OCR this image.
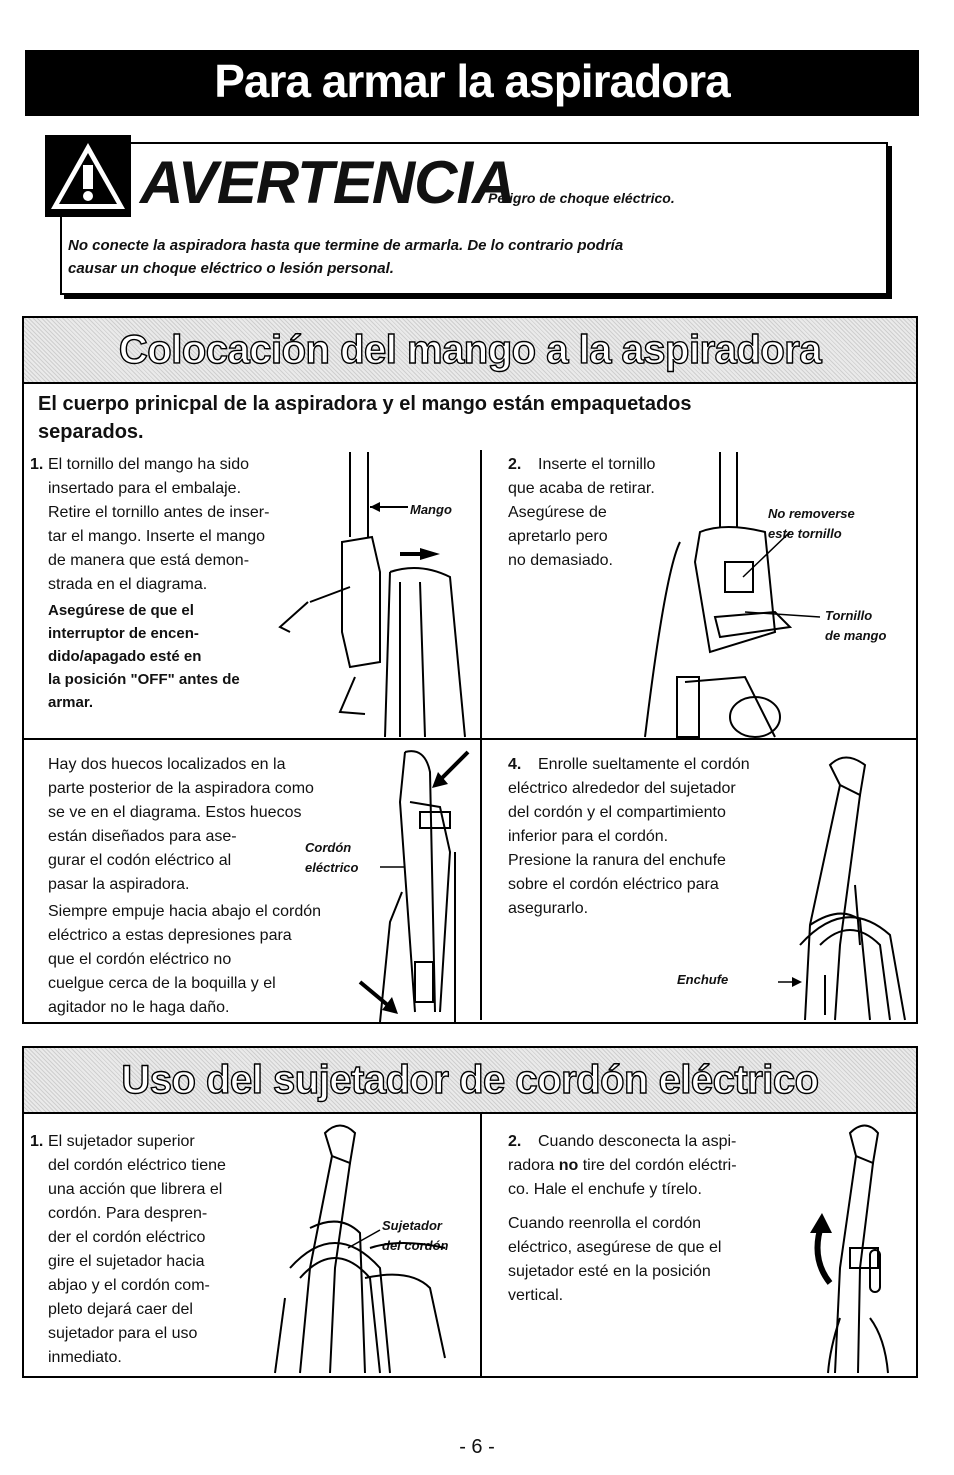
Para armar la aspiradora
AVERTENCIA
Peligro de choque eléctrico.
No conecte la aspiradora hasta que termine de armarla. De lo contrario podría
causar un choque eléctrico o lesión personal.
Colocación del mango a la aspiradora
El cuerpo prinicpal de la aspiradora y el mango están empaquetados
separados.
1. El tornillo del mango ha sido
insertado para el embalaje.
Retire el tornillo antes de inser-
tar el mango. Inserte el mango
de manera que está demon-
strada en el diagrama.
Asegúrese de que el
interruptor de encen-
dido/apagado esté en
la posición "OFF" antes de
armar.
Mango
2.	Inserte el tornillo
que acaba de retirar.
Asegúrese de
apretarlo pero
no demasiado.
No removerse
este tornillo
Tornillo
de mango
Hay dos huecos localizados en la
parte posterior de la aspiradora como
se ve en el diagrama. Estos huecos
están diseñados para ase-
gurar el codón eléctrico al
pasar la aspiradora.
Siempre empuje hacia abajo el cordón
eléctrico a estas depresiones para
que el cordón eléctrico no
cuelgue cerca de la boquilla y el
agitador no le haga daño.
Cordón
eléctrico
4.	Enrolle sueltamente el cordón
eléctrico alrededor del sujetador
del cordón y el compartimiento
inferior para el cordón.
Presione la ranura del enchufe
sobre el cordón eléctrico para
asegurarlo.
Enchufe
Uso del sujetador de cordón eléctrico
1. El sujetador superior
del cordón eléctrico tiene
una acción que librera el
cordón. Para despren-
der el cordón eléctrico
gire el sujetador hacia
abjao y el cordón com-
pleto dejará caer del
sujetador para el uso
inmediato.
Sujetador
del cordón
2.	Cuando desconecta la aspi-
radora no tire del cordón eléctri-
co. Hale el enchufe y tírelo.
Cuando reenrolla el cordón
eléctrico, asegúrese de que el
sujetador esté en la posición
vertical.
- 6 -
